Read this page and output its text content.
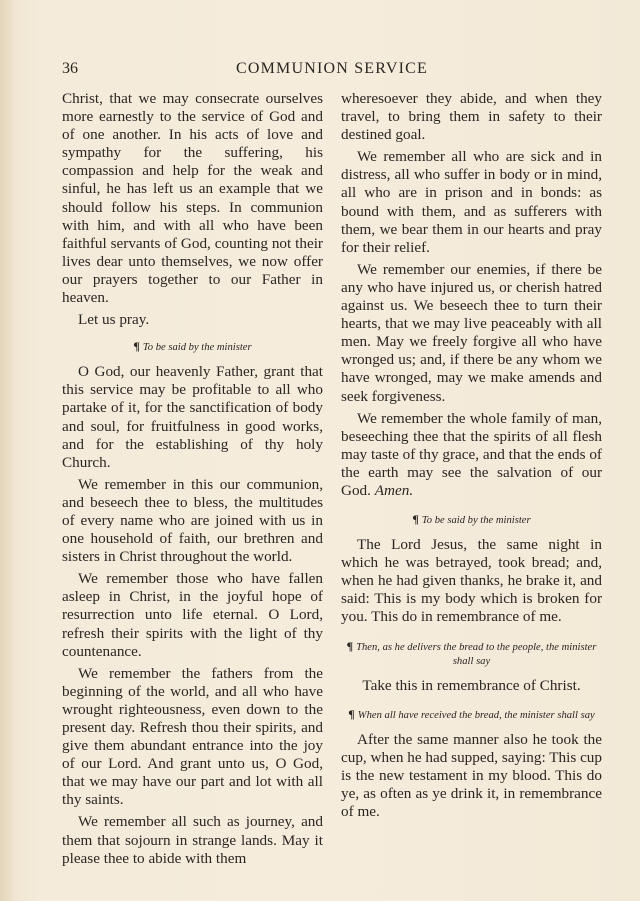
36	COMMUNION SERVICE

Christ, that we may consecrate ourselves more earnestly to the service of God and of one another. In his acts of love and sympathy for the suffering, his compassion and help for the weak and sinful, he has left us an example that we should follow his steps. In communion with him, and with all who have been faithful servants of God, counting not their lives dear unto themselves, we now offer our prayers together to our Father in heaven.

Let us pray.

¶ To be said by the minister

O God, our heavenly Father, grant that this service may be profitable to all who partake of it, for the sanctification of body and soul, for fruitfulness in good works, and for the establishing of thy holy Church.

We remember in this our communion, and beseech thee to bless, the multitudes of every name who are joined with us in one household of faith, our brethren and sisters in Christ throughout the world.

We remember those who have fallen asleep in Christ, in the joyful hope of resurrection unto life eternal. O Lord, refresh their spirits with the light of thy countenance.

We remember the fathers from the beginning of the world, and all who have wrought righteousness, even down to the present day. Refresh thou their spirits, and give them abundant entrance into the joy of our Lord. And grant unto us, O God, that we may have our part and lot with all thy saints.

We remember all such as journey, and them that sojourn in strange lands. May it please thee to abide with them

wheresoever they abide, and when they travel, to bring them in safety to their destined goal.

We remember all who are sick and in distress, all who suffer in body or in mind, all who are in prison and in bonds: as bound with them, and as sufferers with them, we bear them in our hearts and pray for their relief.

We remember our enemies, if there be any who have injured us, or cherish hatred against us. We beseech thee to turn their hearts, that we may live peaceably with all men. May we freely forgive all who have wronged us; and, if there be any whom we have wronged, may we make amends and seek forgiveness.

We remember the whole family of man, beseeching thee that the spirits of all flesh may taste of thy grace, and that the ends of the earth may see the salvation of our God. Amen.

¶ To be said by the minister

The Lord Jesus, the same night in which he was betrayed, took bread; and, when he had given thanks, he brake it, and said: This is my body which is broken for you. This do in remembrance of me.

¶ Then, as he delivers the bread to the people, the minister shall say

Take this in remembrance of Christ.

¶ When all have received the bread, the minister shall say

After the same manner also he took the cup, when he had supped, saying: This cup is the new testament in my blood. This do ye, as often as ye drink it, in remembrance of me.
